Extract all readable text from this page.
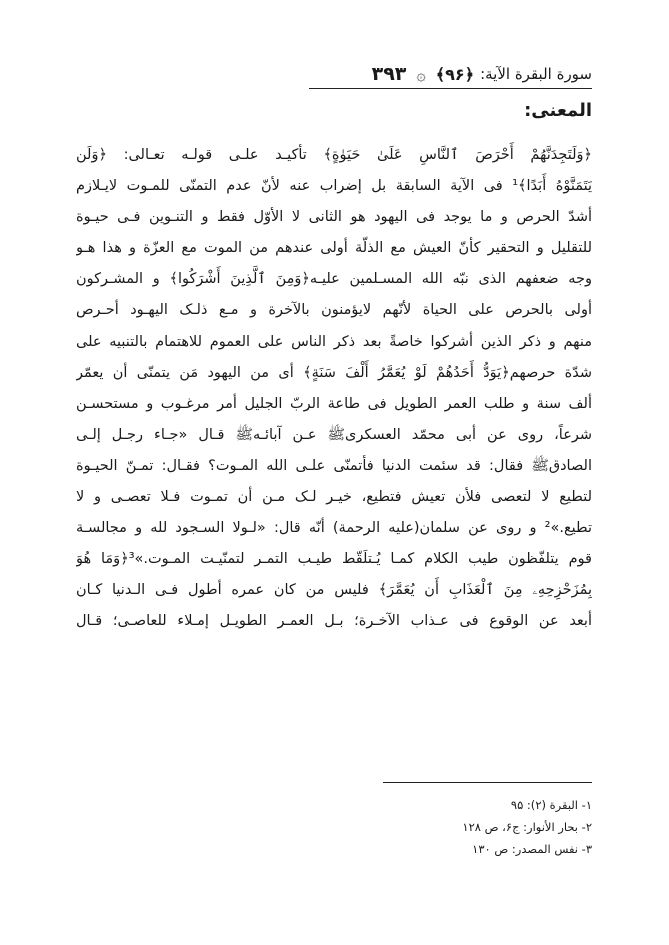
سورة البقرة الآية:
﴿۹۶﴾
۞
۳۹۳
المعنى:
﴿وَلَتَجِدَنَّهُمْ أَحْرَصَ ٱلنَّاسِ عَلَىٰ حَيَوٰةٍ﴾ تأكيـد علـى قولـه تعـالى: ﴿وَلَن
يَتَمَنَّوْهُ أَبَدًا﴾¹ فی الآية السابقة بل إضراب عنه لأنّ عدم التمنّی للمـوت لايـلازم
أشدّ الحرص و ما يوجد فی اليهود هو الثانی لا الأوّل فقط و التنـوين فـی حيـوة
للتقليل و التحقير كأنّ العيش مع الذلّة أولی عندهم من الموت مع العزّة و هذا هـو
وجه ضعفهم الذی نبّه الله المسـلمين عليـه﴿وَمِنَ ٱلَّذِينَ أَشْرَكُوا﴾ و المشـركون
أولی بالحرص علی الحياة لأنّهم لايؤمنون بالآخرة و مـع ذلـک اليهـود أحـرص
منهم و ذكر الذين أشركوا خاصةً بعد ذكر الناس علی العموم للاهتمام بالتنبيه علی
شدّة حرصهم﴿يَوَدُّ أَحَدُهُمْ لَوْ يُعَمَّرُ أَلْفَ سَنَةٍ﴾ أی من اليهود مَن يتمنّی أن يعمّر
ألف سنة و طلب العمر الطويل فی طاعة الربّ الجليل أمر مرغـوب و مستحسـن
شرعاً، روی عن أبی محمّد العسكریﷺ عـن آبائـهﷺ قـال «جـاء رجـل إلـی
الصادقﷺ فقال: قد سئمت الدنيا فأتمنّی علـی الله المـوت؟ فقـال: تمـنّ الحيـوة
لتطيع لا لتعصی فلأن تعيش فتطيع، خيـر لـک مـن أن تمـوت فـلا تعصـی و لا
تطيع.»² و روی عن سلمان(عليه الرحمة) أنّه قال: «لـولا السـجود لله و مجالسـة
قوم يتلفّظون طيب الكلام كمـا يُـتلَقّط طيـب التمـر لتمنّيـت المـوت.»³﴿وَمَا هُوَ
بِمُزَحْزِحِهِۦ مِنَ ٱلْعَذَابِ أَن يُعَمَّرَ﴾ فليس من كان عمره أطول فـی الـدنيا كـان
أبعد عن الوقوع فی عـذاب الآخـرة؛ بـل العمـر الطويـل إمـلاء للعاصـی؛ قـال
۱- البقرة (۲): ۹۵
۲- بحار الأنوار: ج۶، ص ۱۲۸
۳- نفس المصدر: ص ۱۳۰
